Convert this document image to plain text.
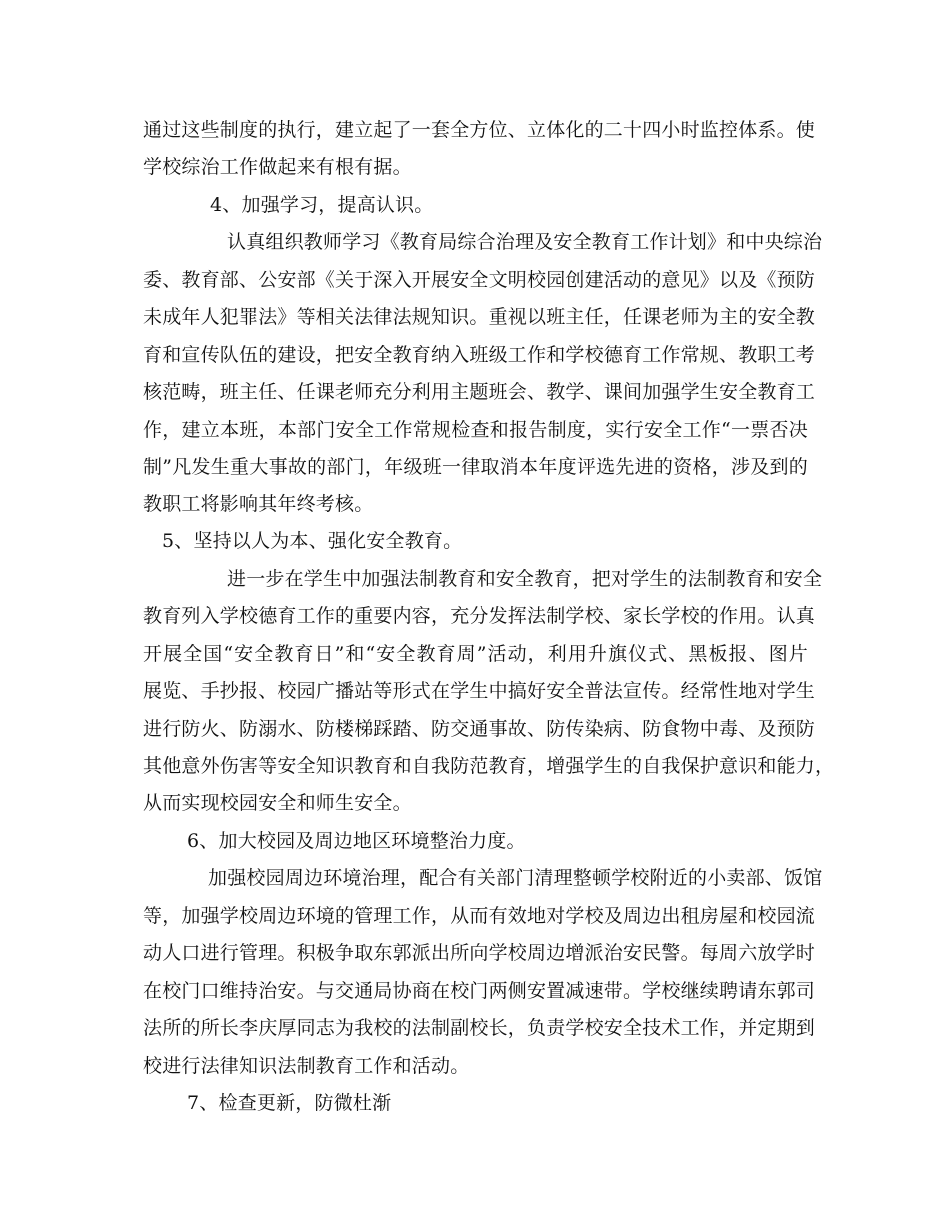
通过这些制度的执行，建立起了一套全方位、立体化的二十四小时监控体系。使
学校综治工作做起来有根有据。
4、加强学习，提高认识。
认真组织教师学习《教育局综合治理及安全教育工作计划》和中央综治
委、教育部、公安部《关于深入开展安全文明校园创建活动的意见》以及《预防
未成年人犯罪法》等相关法律法规知识。重视以班主任，任课老师为主的安全教
育和宣传队伍的建设，把安全教育纳入班级工作和学校德育工作常规、教职工考
核范畴，班主任、任课老师充分利用主题班会、教学、课间加强学生安全教育工
作，建立本班，本部门安全工作常规检查和报告制度，实行安全工作“一票否决
制”凡发生重大事故的部门，年级班一律取消本年度评选先进的资格，涉及到的
教职工将影响其年终考核。
5、坚持以人为本、强化安全教育。
进一步在学生中加强法制教育和安全教育，把对学生的法制教育和安全
教育列入学校德育工作的重要内容，充分发挥法制学校、家长学校的作用。认真
开展全国“安全教育日”和“安全教育周”活动，利用升旗仪式、黑板报、图片
展览、手抄报、校园广播站等形式在学生中搞好安全普法宣传。经常性地对学生
进行防火、防溺水、防楼梯踩踏、防交通事故、防传染病、防食物中毒、及预防
其他意外伤害等安全知识教育和自我防范教育，增强学生的自我保护意识和能力，
从而实现校园安全和师生安全。
6、加大校园及周边地区环境整治力度。
加强校园周边环境治理，配合有关部门清理整顿学校附近的小卖部、饭馆
等，加强学校周边环境的管理工作，从而有效地对学校及周边出租房屋和校园流
动人口进行管理。积极争取东郭派出所向学校周边增派治安民警。每周六放学时
在校门口维持治安。与交通局协商在校门两侧安置减速带。学校继续聘请东郭司
法所的所长李庆厚同志为我校的法制副校长，负责学校安全技术工作，并定期到
校进行法律知识法制教育工作和活动。
7、检查更新，防微杜渐
